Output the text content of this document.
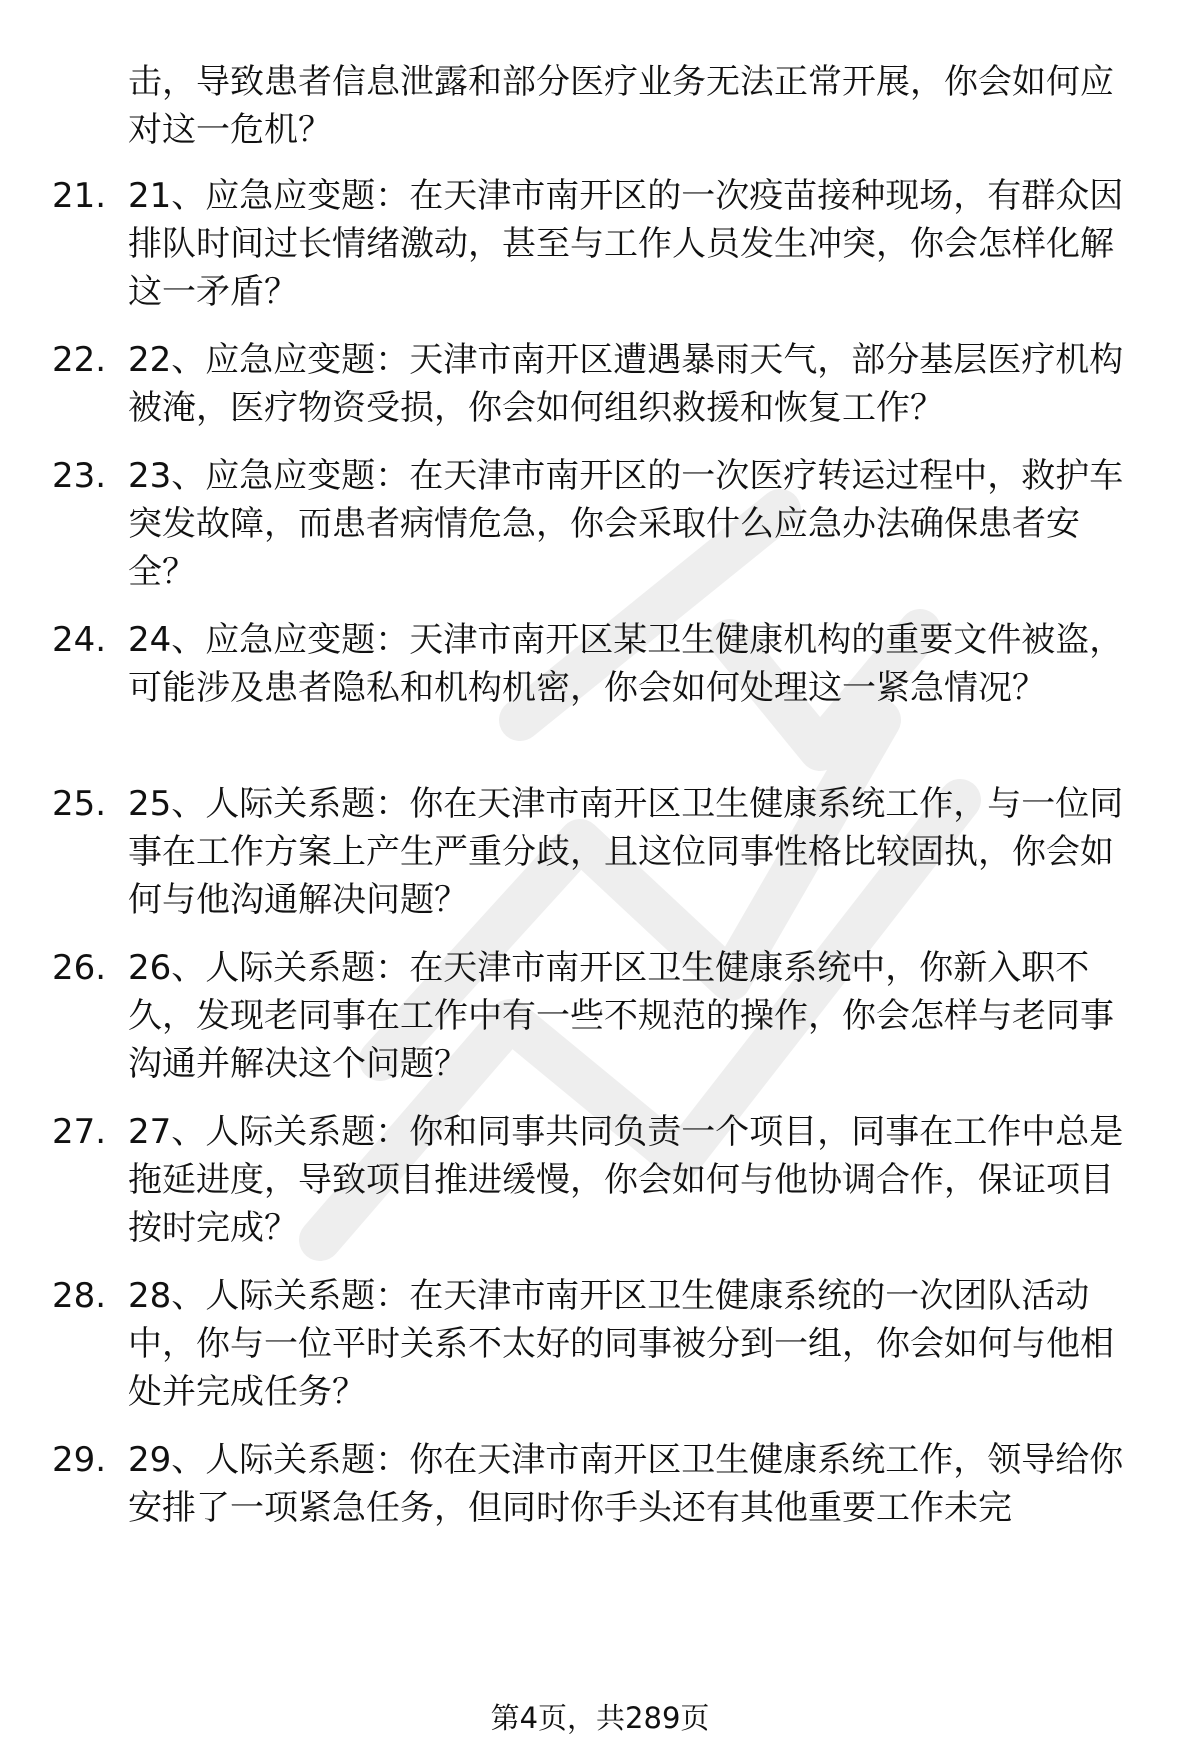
击，导致患者信息泄露和部分医疗业务无法正常开展，你会如何应对这一危机？
21. 21、应急应变题：在天津市南开区的一次疫苗接种现场，有群众因排队时间过长情绪激动，甚至与工作人员发生冲突，你会怎样化解这一矛盾？
22. 22、应急应变题：天津市南开区遭遇暴雨天气，部分基层医疗机构被淹，医疗物资受损，你会如何组织救援和恢复工作？
23. 23、应急应变题：在天津市南开区的一次医疗转运过程中，救护车突发故障，而患者病情危急，你会采取什么应急办法确保患者安全？
24. 24、应急应变题：天津市南开区某卫生健康机构的重要文件被盗，可能涉及患者隐私和机构机密，你会如何处理这一紧急情况？
25. 25、人际关系题：你在天津市南开区卫生健康系统工作，与一位同事在工作方案上产生严重分歧，且这位同事性格比较固执，你会如何与他沟通解决问题？
26. 26、人际关系题：在天津市南开区卫生健康系统中，你新入职不久，发现老同事在工作中有一些不规范的操作，你会怎样与老同事沟通并解决这个问题？
27. 27、人际关系题：你和同事共同负责一个项目，同事在工作中总是拖延进度，导致项目推进缓慢，你会如何与他协调合作，保证项目按时完成？
28. 28、人际关系题：在天津市南开区卫生健康系统的一次团队活动中，你与一位平时关系不太好的同事被分到一组，你会如何与他相处并完成任务？
29. 29、人际关系题：你在天津市南开区卫生健康系统工作，领导给你安排了一项紧急任务，但同时你手头还有其他重要工作未完
第4页，共289页
